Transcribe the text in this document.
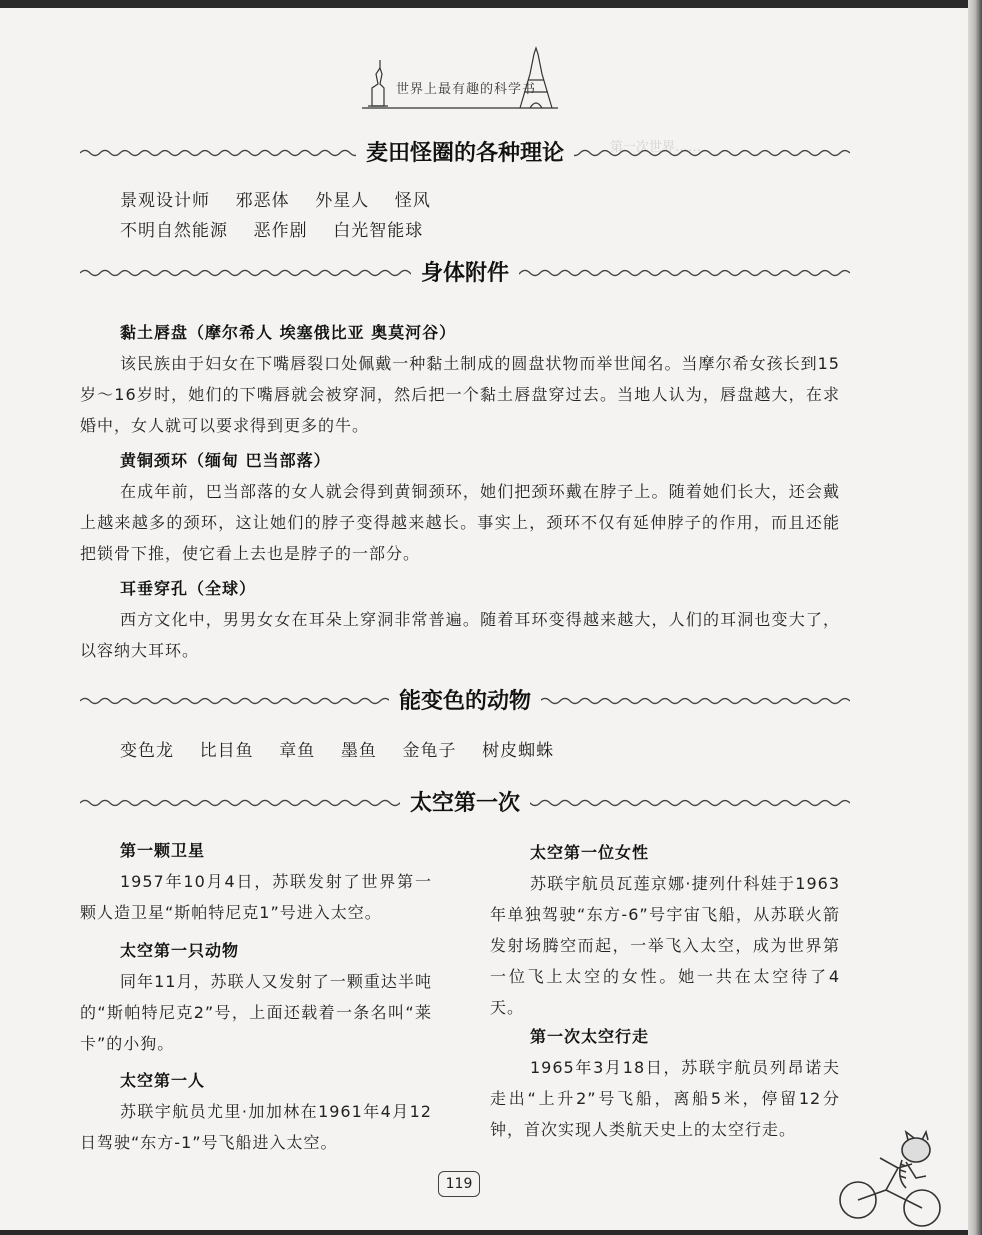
世界上最有趣的科学书
第一次世界……
麦田怪圈的各种理论
景观设计师 邪恶体 外星人 怪风
不明自然能源 恶作剧 白光智能球
身体附件
黏土唇盘（摩尔希人 埃塞俄比亚 奥莫河谷）
该民族由于妇女在下嘴唇裂口处佩戴一种黏土制成的圆盘状物而举世闻名。当摩尔希女孩长到15岁～16岁时，她们的下嘴唇就会被穿洞，然后把一个黏土唇盘穿过去。当地人认为，唇盘越大，在求婚中，女人就可以要求得到更多的牛。
黄铜颈环（缅甸 巴当部落）
在成年前，巴当部落的女人就会得到黄铜颈环，她们把颈环戴在脖子上。随着她们长大，还会戴上越来越多的颈环，这让她们的脖子变得越来越长。事实上，颈环不仅有延伸脖子的作用，而且还能把锁骨下推，使它看上去也是脖子的一部分。
耳垂穿孔（全球）
西方文化中，男男女女在耳朵上穿洞非常普遍。随着耳环变得越来越大，人们的耳洞也变大了，以容纳大耳环。
能变色的动物
变色龙 比目鱼 章鱼 墨鱼 金龟子 树皮蜘蛛
太空第一次
第一颗卫星
1957年10月4日，苏联发射了世界第一颗人造卫星“斯帕特尼克1”号进入太空。
太空第一只动物
同年11月，苏联人又发射了一颗重达半吨的“斯帕特尼克2”号，上面还载着一条名叫“莱卡”的小狗。
太空第一人
苏联宇航员尤里·加加林在1961年4月12日驾驶“东方-1”号飞船进入太空。
太空第一位女性
苏联宇航员瓦莲京娜·捷列什科娃于1963年单独驾驶“东方-6”号宇宙飞船，从苏联火箭发射场腾空而起，一举飞入太空，成为世界第一位飞上太空的女性。她一共在太空待了4天。
第一次太空行走
1965年3月18日，苏联宇航员列昂诺夫走出“上升2”号飞船，离船5米，停留12分钟，首次实现人类航天史上的太空行走。
119
